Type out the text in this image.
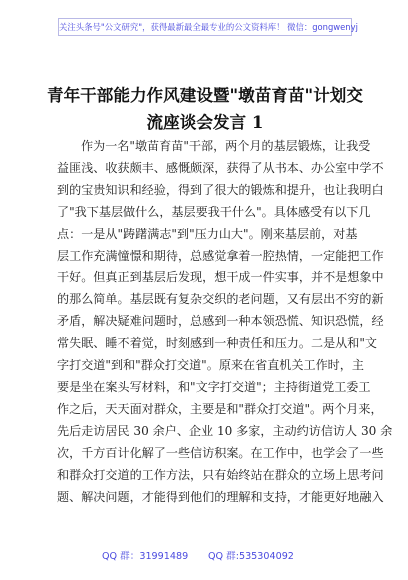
关注头条号"公文研究"，获得最新最全最专业的公文资料库！ 微信：gongwenyj
青年干部能力作风建设暨"墩苗育苗"计划交
流座谈会发言 1
作为一名"墩苗育苗"干部，两个月的基层锻炼，让我受
益匪浅、收获颇丰、感慨颇深，获得了从书本、办公室中学不
到的宝贵知识和经验，得到了很大的锻炼和提升，也让我明白
了"我下基层做什么，基层要我干什么"。具体感受有以下几
点：一是从"踌躇满志"到"压力山大"。刚来基层前，对基
层工作充满憧憬和期待，总感觉拿着一腔热情，一定能把工作
干好。但真正到基层后发现，想干成一件实事，并不是想象中
的那么简单。基层既有复杂交织的老问题，又有层出不穷的新
矛盾，解决疑难问题时，总感到一种本领恐慌、知识恐慌，经
常失眠、睡不着觉，时刻感到一种责任和压力。二是从和"文
字打交道"到和"群众打交道"。原来在省直机关工作时，主
要是坐在案头写材料，和"文字打交道"；主持街道党工委工
作之后，天天面对群众，主要是和"群众打交道"。两个月来，
先后走访居民 30 余户、企业 10 多家，主动约访信访人 30 余
次，千方百计化解了一些信访积案。在工作中，也学会了一些
和群众打交道的工作方法，只有始终站在群众的立场上思考问
题、解决问题，才能得到他们的理解和支持，才能更好地融入
QQ 群：31991489 QQ 群:535304092
